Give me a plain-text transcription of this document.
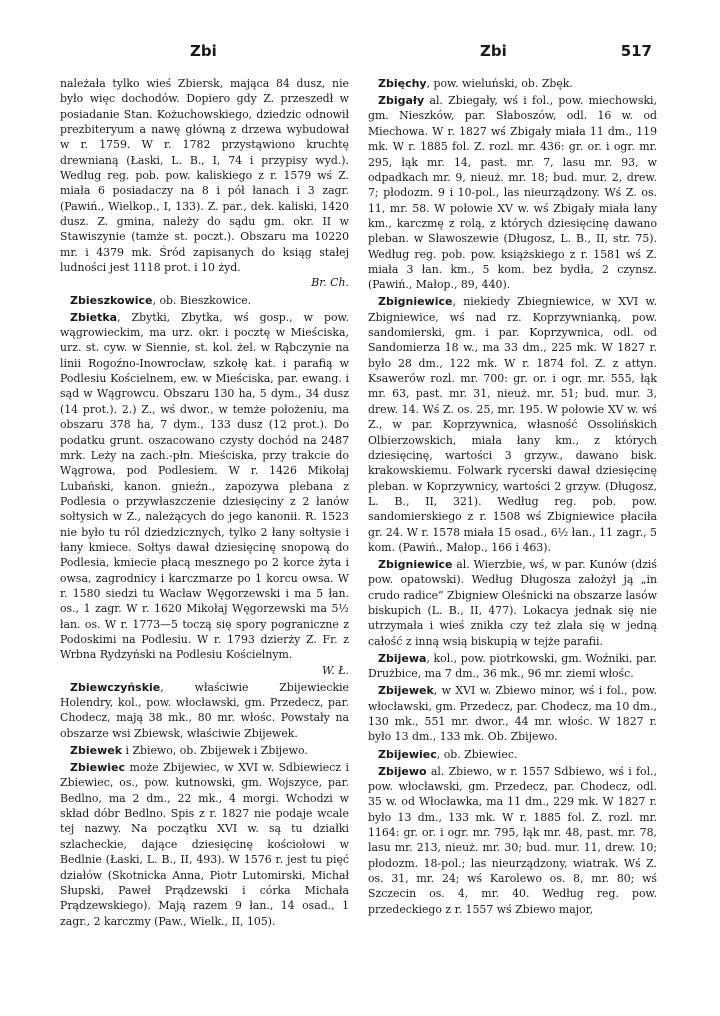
Zbi	Zbi	517

należała tylko wieś Zbiersk, mająca 84 dusz, nie było więc dochodów. Dopiero gdy Z. przeszedł w posiadanie Stan. Kożuchowskiego, dziedzic odnowił prezbiteryum a nawę główną z drzewa wybudował w r. 1759. W r. 1782 przystąwiono kruchtę drewnianą (Łaski, L. B., I, 74 i przypisy wyd.). Według reg. pob. pow. kaliskiego z r. 1579 wś Z. miała 6 posiadaczy na 8 i pół łanach i 3 zagr. (Pawiń., Wielkop., I, 133). Z. par., dek. kaliski, 1420 dusz. Z. gmina, należy do sądu gm. okr. II w Stawiszynie (tamże st. poczt.). Obszaru ma 10220 mr. i 4379 mk. Śród zapisanych do ksiąg stałej ludności jest 1118 prot. i 10 żyd.
Br. Ch.

Zbieszkowice, ob. Bieszkowice.

Zbietka, Zbytki, Zbytka, wś gosp., w pow. wągrowieckim, ma urz. okr. i pocztę w Mieściska, urz. st. cyw. w Siennie, st. kol. żel. w Rąbczynie na linii Rogoźno-Inowrocław, szkołę kat. i parafią w Podlesiu Kościelnem, ew. w Mieściska, par. ewang. i sąd w Wągrowcu. Obszaru 130 ha, 5 dym., 34 dusz (14 prot.). 2.) Z., wś dwor., w temże położeniu, ma obszaru 378 ha, 7 dym., 133 dusz (12 prot.). Do podatku grunt. oszacowano czysty dochód na 2487 mrk. Leży na zach.-płn. Mieściska, przy trakcie do Wągrowa, pod Podlesiem. W r. 1426 Mikołaj Lubański, kanon. gnieźn., zapozywa plebana z Podlesia o przywłaszczenie dziesięciny z 2 łanów sołtysich w Z., należących do jego kanonii. R. 1523 nie było tu ról dziedzicznych, tylko 2 łany sołtysie i łany kmiece. Sołtys dawał dziesięcinę snopową do Podlesia, kmiecie płacą mesznego po 2 korce żyta i owsa, zagrodnicy i karczmarze po 1 korcu owsa. W r. 1580 siedzi tu Wacław Węgorzewski i ma 5 łan. os., 1 zagr. W r. 1620 Mikołaj Węgorzewski ma 5½ łan. os. W r. 1773—5 toczą się spory pograniczne z Podoskimi na Podlesiu. W r. 1793 dzierży Z. Fr. z Wrbna Rydzyński na Podlesiu Kościelnym.
W. Ł.

Zbiewczyńskie, właściwie Zbijewieckie Holendry, kol., pow. włocławski, gm. Przedecz, par. Chodecz, mają 38 mk., 80 mr. włośc. Powstały na obszarze wsi Zbiewsk, właściwie Zbijewek.

Zbiewek i Zbiewo, ob. Zbijewek i Zbijewo.

Zbiewiec może Zbijewiec, w XVI w. Sdbiewiecz i Zbiewiec, os., pow. kutnowski, gm. Wojszyce, par. Bedlno, ma 2 dm., 22 mk., 4 morgi. Wchodzi w skład dóbr Bedlno. Spis z r. 1827 nie podaje wcale tej nazwy. Na początku XVI w. są tu działki szlacheckie, dające dziesięcinę kościołowi w Bedlnie (Łaski, L. B., II, 493). W 1576 r. jest tu pięć działów (Skotnicka Anna, Piotr Lutomirski, Michał Słupski, Paweł Prądzewski i córka Michała Prądzewskiego). Mają razem 9 łan., 14 osad., 1 zagr., 2 karczmy (Paw., Wielk., II, 105).

Zbięchy, pow. wieluński, ob. Zbęk.

Zbigały al. Zbiegały, wś i fol., pow. miechowski, gm. Nieszków, par. Słaboszów, odl. 16 w. od Miechowa. W r. 1827 wś Zbigały miała 11 dm., 119 mk. W r. 1885 fol. Z. rozl. mr. 436: gr. or. i ogr. mr. 295, łąk mr. 14, past. mr. 7, lasu mr. 93, w odpadkach mr. 9, nieuż. mr. 18; bud. mur. 2, drew. 7; płodozm. 9 i 10-pol., las nieurządzony. Wś Z. os. 11, mr. 58. W połowie XV w. wś Zbigały miała łany km., karczmę z rolą, z których dziesięcinę dawano pleban. w Sławoszewie (Długosz, L. B., II, str. 75). Według reg. pob. pow. książskiego z r. 1581 wś Z. miała 3 łan. km., 5 kom. bez bydła, 2 czynsz. (Pawiń., Małop., 89, 440).

Zbigniewice, niekiedy Zbiegniewice, w XVI w. Zbigniewice, wś nad rz. Koprzywnianką, pow. sandomierski, gm. i par. Koprzywnica, odl. od Sandomierza 18 w., ma 33 dm., 225 mk. W 1827 r. było 28 dm., 122 mk. W r. 1874 fol. Z. z attyn. Ksawerów rozl. mr. 700: gr. or. i ogr. mr. 555, łąk mr. 63, past. mr. 31, nieuż. mr. 51; bud. mur. 3, drew. 14. Wś Z. os. 25, mr. 195. W połowie XV w. wś Z., w par. Koprzywnica, własność Ossolińskich Olbierzowskich, miała łany km., z których dziesięcinę, wartości 3 grzyw., dawano bisk. krakowskiemu. Folwark rycerski dawał dziesięcinę pleban. w Koprzywnicy, wartości 2 grzyw. (Długosz, L. B., II, 321). Według reg. pob. pow. sandomierskiego z r. 1508 wś Zbigniewice płaciła gr. 24. W r. 1578 miała 15 osad., 6½ łan., 11 zagr., 5 kom. (Pawiń., Małop., 166 i 463).

Zbigniewice al. Wierzbie, wś, w par. Kunów (dziś pow. opatowski). Według Długosza założył ją „in crudo radice” Zbigniew Oleśnicki na obszarze lasów biskupich (L. B., II, 477). Lokacya jednak się nie utrzymała i wieś znikła czy też zlała się w jedną całość z inną wsią biskupią w tejże parafii.

Zbijewa, kol., pow. piotrkowski, gm. Woźniki, par. Drużbice, ma 7 dm., 36 mk., 96 mr. ziemi włośc.

Zbijewek, w XVI w. Zbiewo minor, wś i fol., pow. włocławski, gm. Przedecz, par. Chodecz, ma 10 dm., 130 mk., 551 mr. dwor., 44 mr. włośc. W 1827 r. było 13 dm., 133 mk. Ob. Zbijewo.

Zbijewiec, ob. Zbiewiec.

Zbijewo al. Zbiewo, w r. 1557 Sdbiewo, wś i fol., pow. włocławski, gm. Przedecz, par. Chodecz, odl. 35 w. od Włocławka, ma 11 dm., 229 mk. W 1827 r. było 13 dm., 133 mk. W r. 1885 fol. Z. rozl. mr. 1164: gr. or. i ogr. mr. 795, łąk mr. 48, past. mr. 78, lasu mr. 213, nieuż. mr. 30; bud. mur. 11, drew. 10; płodozm. 18-pol.; las nieurządzony, wiatrak. Wś Z. os. 31, mr. 24; wś Karolewo os. 8, mr. 80; wś Szczecin os. 4, mr. 40. Według reg. pow. przedeckiego z r. 1557 wś Zbiewo major,
